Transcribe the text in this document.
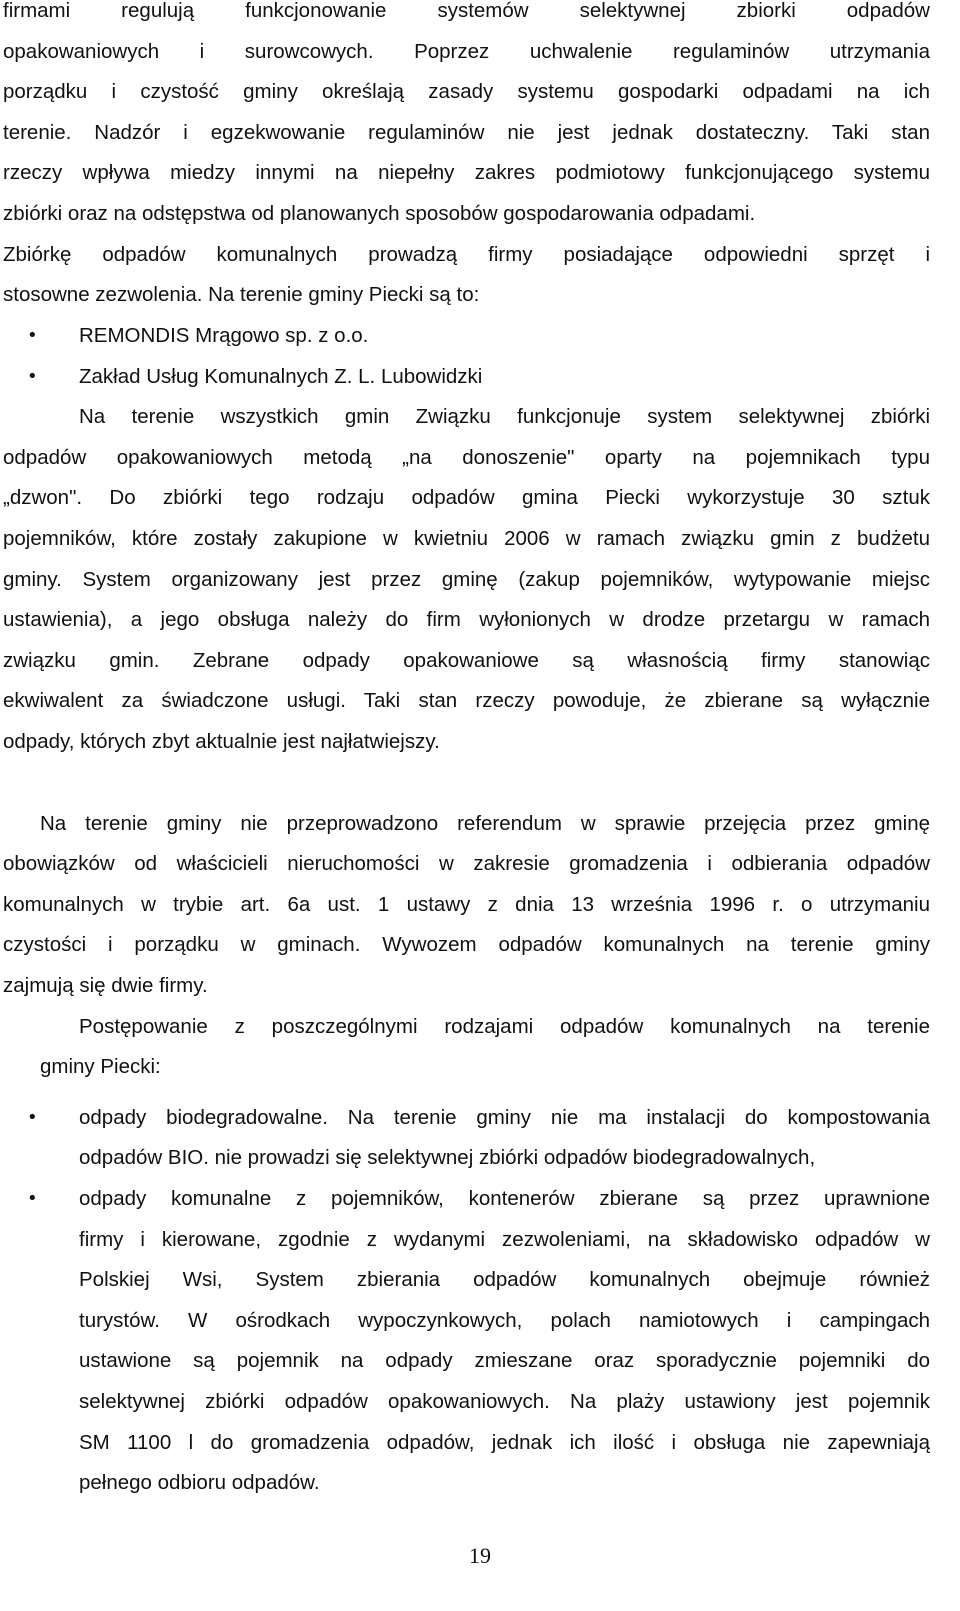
firmami regulują funkcjonowanie systemów selektywnej zbiorki odpadów
opakowaniowych i surowcowych. Poprzez uchwalenie regulaminów utrzymania
porządku i czystość gminy określają zasady systemu gospodarki odpadami na ich
terenie. Nadzór i egzekwowanie regulaminów nie jest jednak dostateczny. Taki stan
rzeczy wpływa miedzy innymi na niepełny zakres podmiotowy funkcjonującego systemu
zbiórki oraz na odstępstwa od planowanych sposobów gospodarowania odpadami.
Zbiórkę odpadów komunalnych prowadzą firmy posiadające odpowiedni sprzęt i
stosowne zezwolenia. Na terenie gminy Piecki są to:
•	REMONDIS Mrągowo sp. z o.o.
•	Zakład Usług Komunalnych Z. L. Lubowidzki
Na terenie wszystkich gmin Związku funkcjonuje system selektywnej zbiórki
odpadów opakowaniowych metodą „na donoszenie" oparty na pojemnikach typu
„dzwon". Do zbiórki tego rodzaju odpadów gmina Piecki wykorzystuje 30 sztuk
pojemników, które zostały zakupione w kwietniu 2006 w ramach związku gmin z budżetu
gminy. System organizowany jest przez gminę (zakup pojemników, wytypowanie miejsc
ustawienia), a jego obsługa należy do firm wyłonionych w drodze przetargu w ramach
związku gmin. Zebrane odpady opakowaniowe są własnością firmy stanowiąc
ekwiwalent za świadczone usługi. Taki stan rzeczy powoduje, że zbierane są wyłącznie
odpady, których zbyt aktualnie jest najłatwiejszy.
Na terenie gminy nie przeprowadzono referendum w sprawie przejęcia przez gminę
obowiązków od właścicieli nieruchomości w zakresie gromadzenia i odbierania odpadów
komunalnych w trybie art. 6a ust. 1 ustawy z dnia 13 września 1996 r. o utrzymaniu
czystości i porządku w gminach. Wywozem odpadów komunalnych na terenie gminy
zajmują się dwie firmy.
Postępowanie z poszczególnymi rodzajami odpadów komunalnych na terenie
gminy Piecki:
•	odpady biodegradowalne. Na terenie gminy nie ma instalacji do kompostowania
odpadów BIO. nie prowadzi się selektywnej zbiórki odpadów biodegradowalnych,
•	odpady komunalne z pojemników, kontenerów zbierane są przez uprawnione
firmy i kierowane, zgodnie z wydanymi zezwoleniami, na składowisko odpadów w
Polskiej Wsi, System zbierania odpadów komunalnych obejmuje również
turystów. W ośrodkach wypoczynkowych, polach namiotowych i campingach
ustawione są pojemnik na odpady zmieszane oraz sporadycznie pojemniki do
selektywnej zbiórki odpadów opakowaniowych. Na plaży ustawiony jest pojemnik
SM 1100 l do gromadzenia odpadów, jednak ich ilość i obsługa nie zapewniają
pełnego odbioru odpadów.
19
